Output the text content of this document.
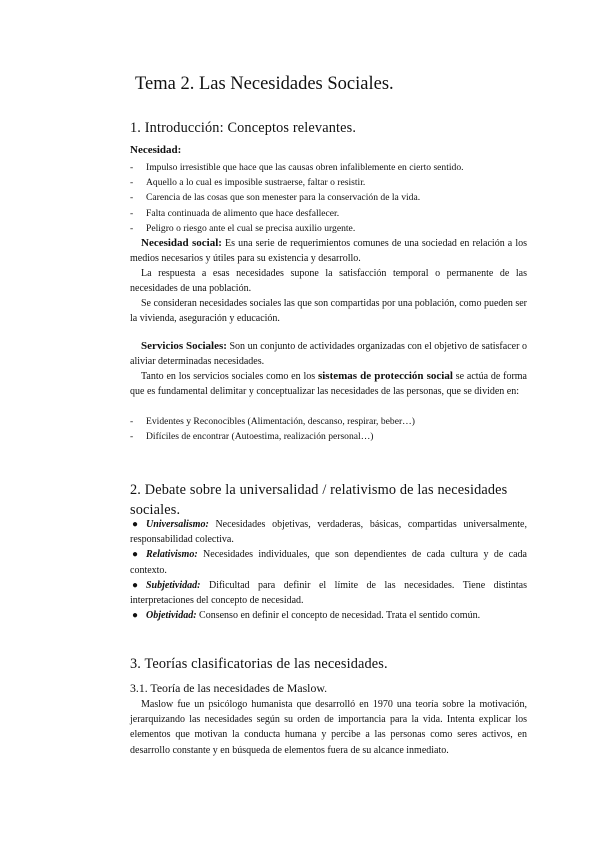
Tema 2. Las Necesidades Sociales.
1. Introducción: Conceptos relevantes.
Necesidad:
- Impulso irresistible que hace que las causas obren infaliblemente en cierto sentido.
- Aquello a lo cual es imposible sustraerse, faltar o resistir.
- Carencia de las cosas que son menester para la conservación de la vida.
- Falta continuada de alimento que hace desfallecer.
- Peligro o riesgo ante el cual se precisa auxilio urgente.

Necesidad social: Es una serie de requerimientos comunes de una sociedad en relación a los medios necesarios y útiles para su existencia y desarrollo.

La respuesta a esas necesidades supone la satisfacción temporal o permanente de las necesidades de una población.

Se consideran necesidades sociales las que son compartidas por una población, como pueden ser la vivienda, aseguración y educación.

Servicios Sociales: Son un conjunto de actividades organizadas con el objetivo de satisfacer o aliviar determinadas necesidades.

Tanto en los servicios sociales como en los sistemas de protección social se actúa de forma que es fundamental delimitar y conceptualizar las necesidades de las personas, que se dividen en:

- Evidentes y Reconocibles (Alimentación, descanso, respirar, beber…)
- Difíciles de encontrar (Autoestima, realización personal…)
2. Debate sobre la universalidad / relativismo de las necesidades sociales.
● Universalismo: Necesidades objetivas, verdaderas, básicas, compartidas universalmente, responsabilidad colectiva.
● Relativismo: Necesidades individuales, que son dependientes de cada cultura y de cada contexto.
● Subjetividad: Dificultad para definir el límite de las necesidades. Tiene distintas interpretaciones del concepto de necesidad.
● Objetividad: Consenso en definir el concepto de necesidad. Trata el sentido común.
3. Teorías clasificatorias de las necesidades.
3.1. Teoría de las necesidades de Maslow.

Maslow fue un psicólogo humanista que desarrolló en 1970 una teoría sobre la motivación, jerarquizando las necesidades según su orden de importancia para la vida. Intenta explicar los elementos que motivan la conducta humana y percibe a las personas como seres activos, en desarrollo constante y en búsqueda de elementos fuera de su alcance inmediato.
